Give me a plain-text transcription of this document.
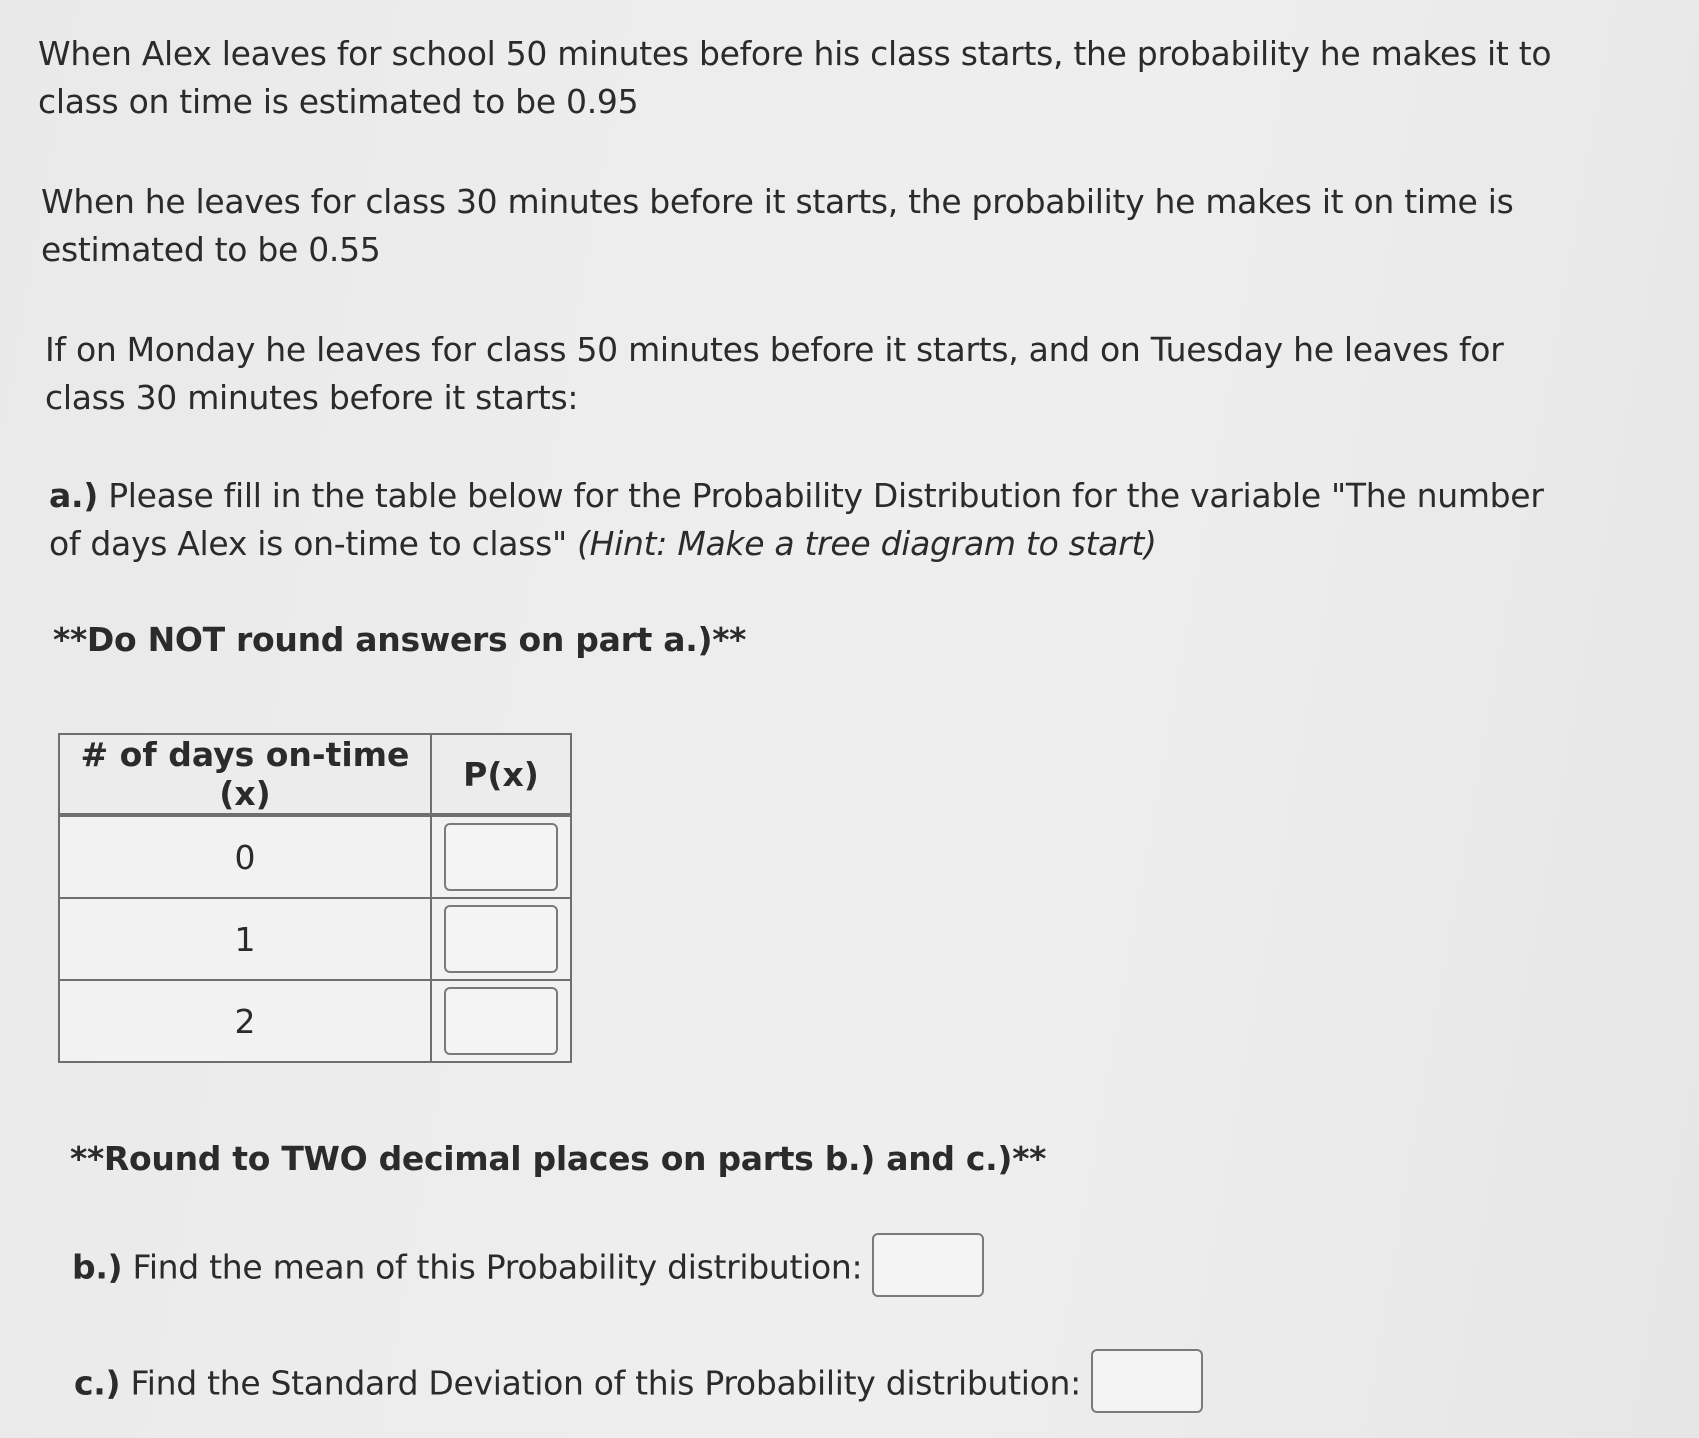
When Alex leaves for school 50 minutes before his class starts, the probability he makes it to
class on time is estimated to be 0.95

When he leaves for class 30 minutes before it starts, the probability he makes it on time is
estimated to be 0.55

If on Monday he leaves for class 50 minutes before it starts, and on Tuesday he leaves for
class 30 minutes before it starts:

a.) Please fill in the table below for the Probability Distribution for the variable "The number
of days Alex is on-time to class" (Hint: Make a tree diagram to start)

**Do NOT round answers on part a.)**

# of days on-time (x)	P(x)
0	

1	

2	

**Round to TWO decimal places on parts b.) and c.)**

b.) Find the mean of this Probability distribution:

c.) Find the Standard Deviation of this Probability distribution:
